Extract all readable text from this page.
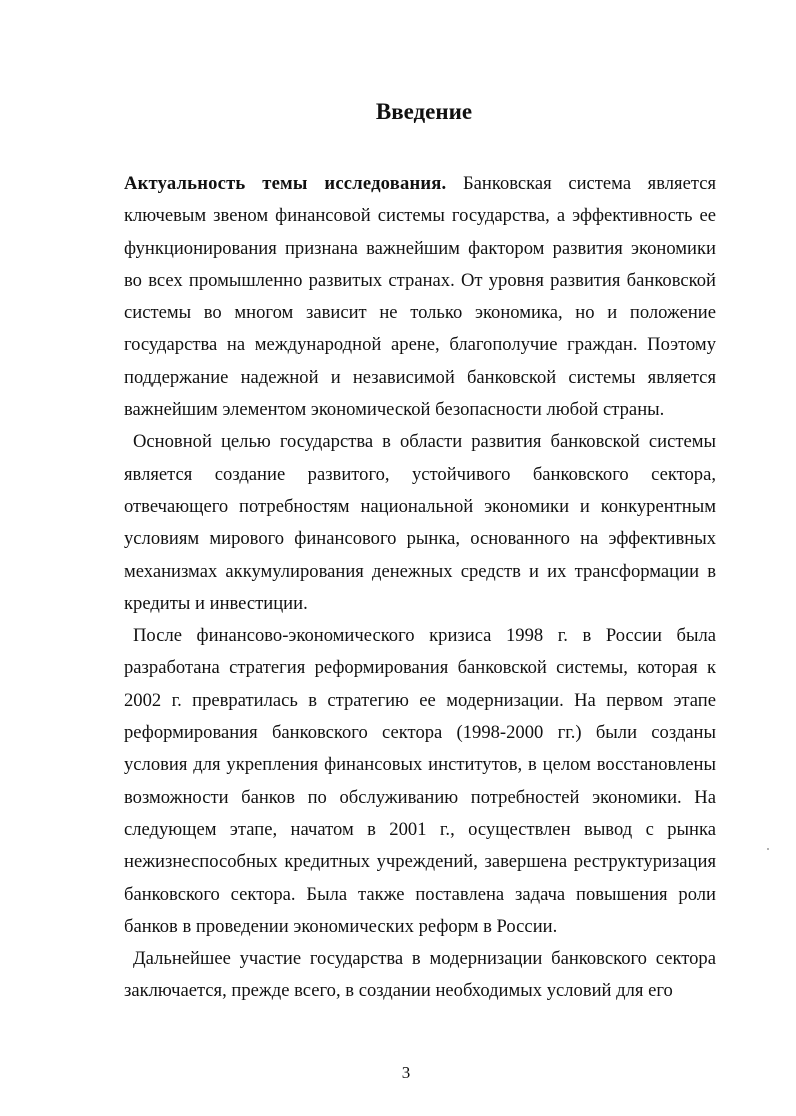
Введение

Актуальность темы исследования. Банковская система является ключевым звеном финансовой системы государства, а эффективность ее функционирования признана важнейшим фактором развития экономики во всех промышленно развитых странах. От уровня развития банковской системы во многом зависит не только экономика, но и положение государства на международной арене, благополучие граждан. Поэтому поддержание надежной и независимой банковской системы является важнейшим элементом экономической безопасности любой страны.

Основной целью государства в области развития банковской системы является создание развитого, устойчивого банковского сектора, отвечающего потребностям национальной экономики и конкурентным условиям мирового финансового рынка, основанного на эффективных механизмах аккумулирования денежных средств и их трансформации в кредиты и инвестиции.

После финансово-экономического кризиса 1998 г. в России была разработана стратегия реформирования банковской системы, которая к 2002 г. превратилась в стратегию ее модернизации. На первом этапе реформирования банковского сектора (1998-2000 гг.) были созданы условия для укрепления финансовых институтов, в целом восстановлены возможности банков по обслуживанию потребностей экономики. На следующем этапе, начатом в 2001 г., осуществлен вывод с рынка нежизнеспособных кредитных учреждений, завершена реструктуризация банковского сектора. Была также поставлена задача повышения роли банков в проведении экономических реформ в России.

Дальнейшее участие государства в модернизации банковского сектора заключается, прежде всего, в создании необходимых условий для его

3
